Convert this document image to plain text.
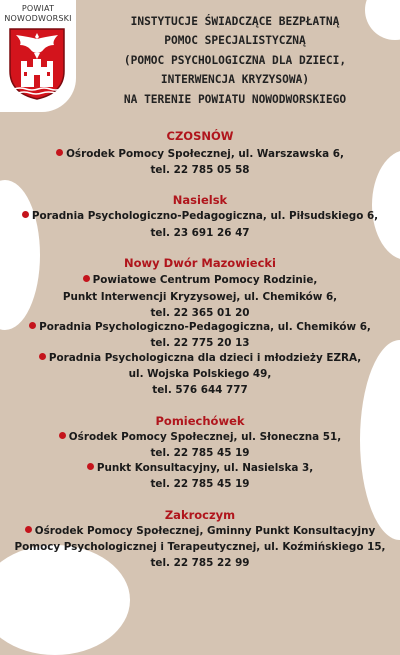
POWIAT
NOWODWORSKI	INSTYTUCJE ŚWIADCZĄCE BEZPŁATNĄ
POMOC SPECJALISTYCZNĄ
(POMOC PSYCHOLOGICZNA DLA DZIECI,
INTERWENCJA KRYZYSOWA)
NA TERENIE POWIATU NOWODWORSKIEGO
CZOSNÓW
Ośrodek Pomocy Społecznej, ul. Warszawska 6,
tel. 22 785 05 58
Nasielsk
Poradnia Psychologiczno-Pedagogiczna, ul. Piłsudskiego 6,
tel. 23 691 26 47
Nowy Dwór Mazowiecki
Powiatowe Centrum Pomocy Rodzinie,
Punkt Interwencji Kryzysowej, ul. Chemików 6,
tel. 22 365 01 20
Poradnia Psychologiczno-Pedagogiczna, ul. Chemików 6,
tel. 22 775 20 13
Poradnia Psychologiczna dla dzieci i młodzieży EZRA,
ul. Wojska Polskiego 49,
tel. 576 644 777
Pomiechówek
Ośrodek Pomocy Społecznej, ul. Słoneczna 51,
tel. 22 785 45 19
Punkt Konsultacyjny, ul. Nasielska 3,
tel. 22 785 45 19
Zakroczym
Ośrodek Pomocy Społecznej, Gminny Punkt Konsultacyjny
Pomocy Psychologicznej i Terapeutycznej, ul. Koźmińskiego 15,
tel. 22 785 22 99
